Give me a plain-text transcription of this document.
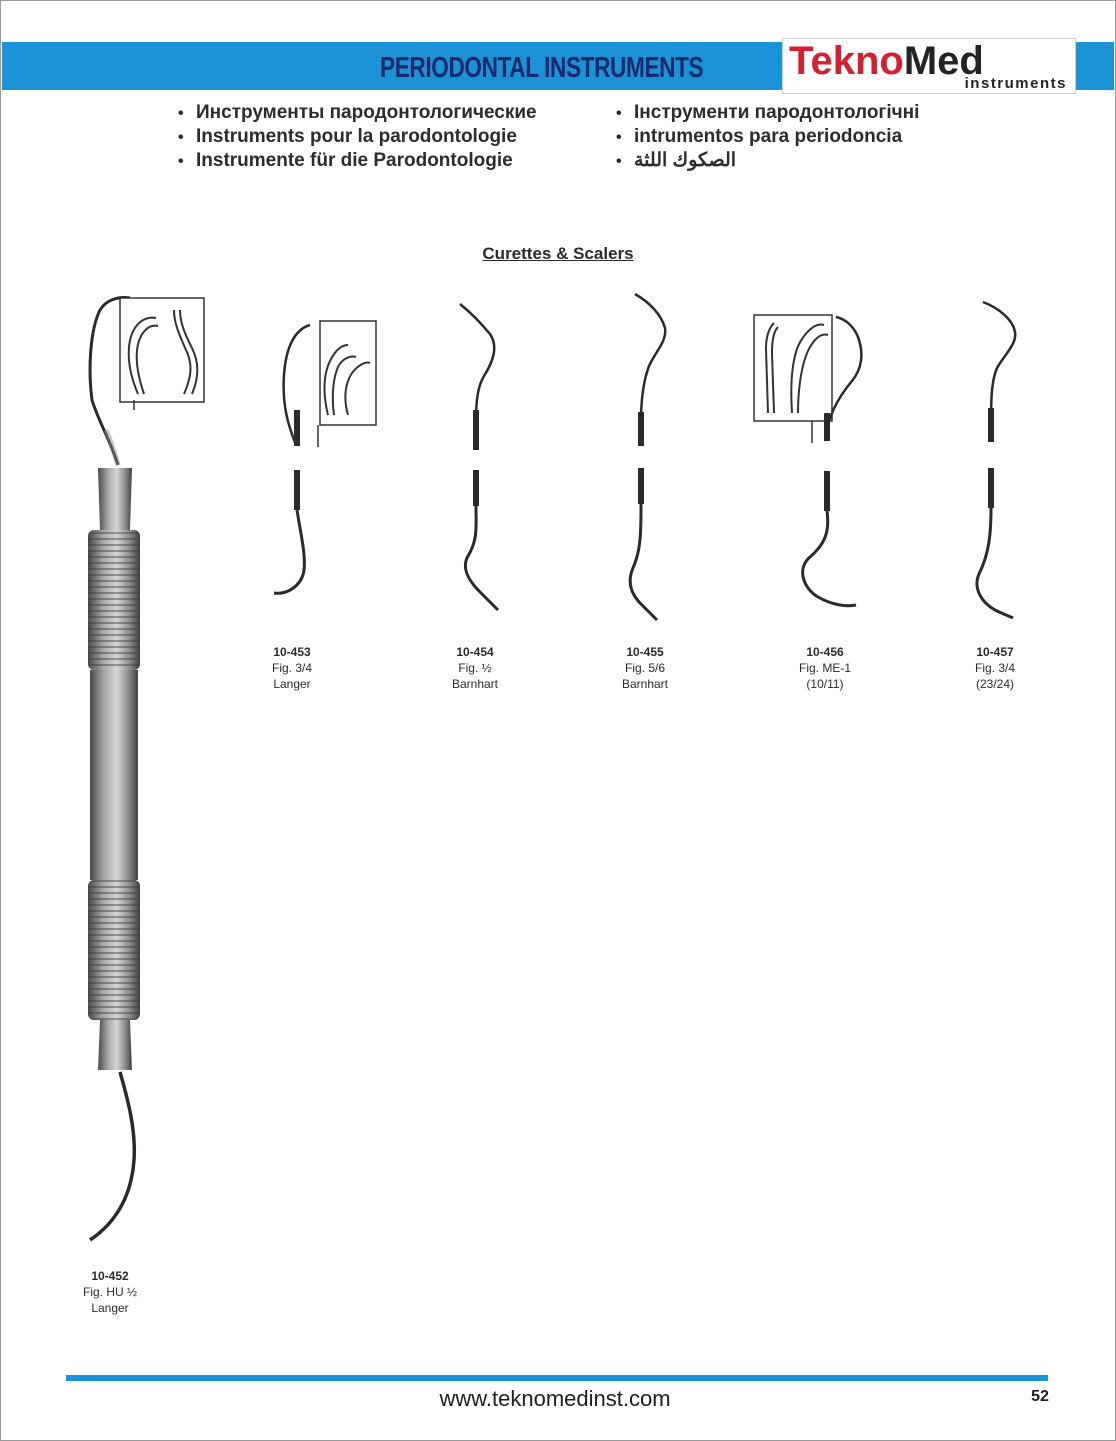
PERIODONTAL INSTRUMENTS TeknoMed
instruments
• Инструменты пародонтологические
• Instruments pour la parodontologie
• Instrumente für die Parodontologie
• Інструменти пародонтологічні
• intrumentos para periodoncia
• الصكوك اللثة
Curettes & Scalers
10-452
Fig. HU ½
Langer
10-453
Fig. 3/4
Langer
10-454
Fig. ½
Barnhart
10-455
Fig. 5/6
Barnhart
10-456
Fig. ME-1
(10/11)
10-457
Fig. 3/4
(23/24)
www.teknomedinst.com	52
